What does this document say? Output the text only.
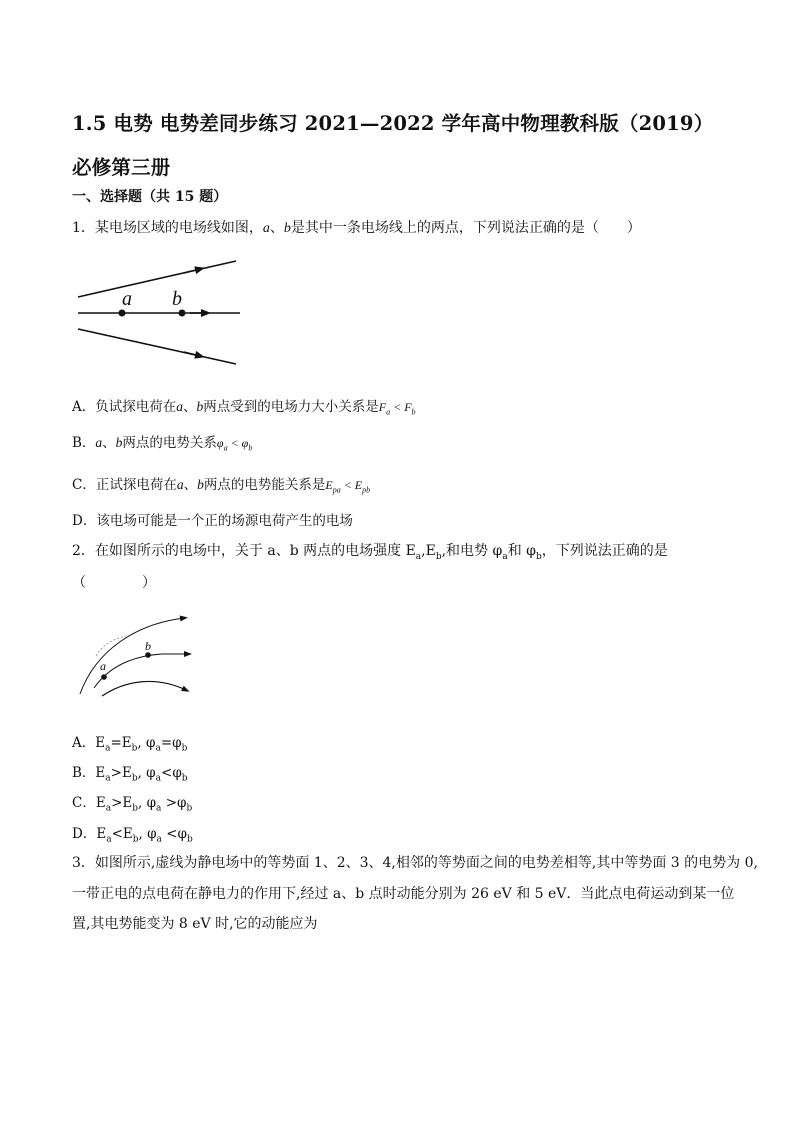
1.5 电势 电势差同步练习 2021—2022 学年高中物理教科版（2019）必修第三册
一、选择题（共 15 题）
1．某电场区域的电场线如图，a、b是其中一条电场线上的两点，下列说法正确的是（　　）
a b
A．负试探电荷在a、b两点受到的电场力大小关系是$F_a < F_b$
B．a、b两点的电势关系$\varphi_a < \varphi_b$
C．正试探电荷在a、b两点的电势能关系是$E_{pa} < E_{pb}$
D．该电场可能是一个正的场源电荷产生的电场
2．在如图所示的电场中，关于 a、b 两点的电场强度 $E_a,E_b$,和电势 $\varphi_a$和 $\varphi_b$，下列说法正确的是
（　　　　）
a
b
A．$E_a=E_b$, $\varphi_a=\varphi_b$
B．$E_a>E_b$, $\varphi_a<\varphi_b$
C．$E_a>E_b$, $\varphi_a >\varphi_b$
D．$E_a<E_b$, $\varphi_a <\varphi_b$
3．如图所示,虚线为静电场中的等势面 1、2、3、4,相邻的等势面之间的电势差相等,其中等势面 3 的电势为 0,
一带正电的点电荷在静电力的作用下,经过 a、b 点时动能分别为 26 eV 和 5 eV．当此点电荷运动到某一位
置,其电势能变为 8 eV 时,它的动能应为
